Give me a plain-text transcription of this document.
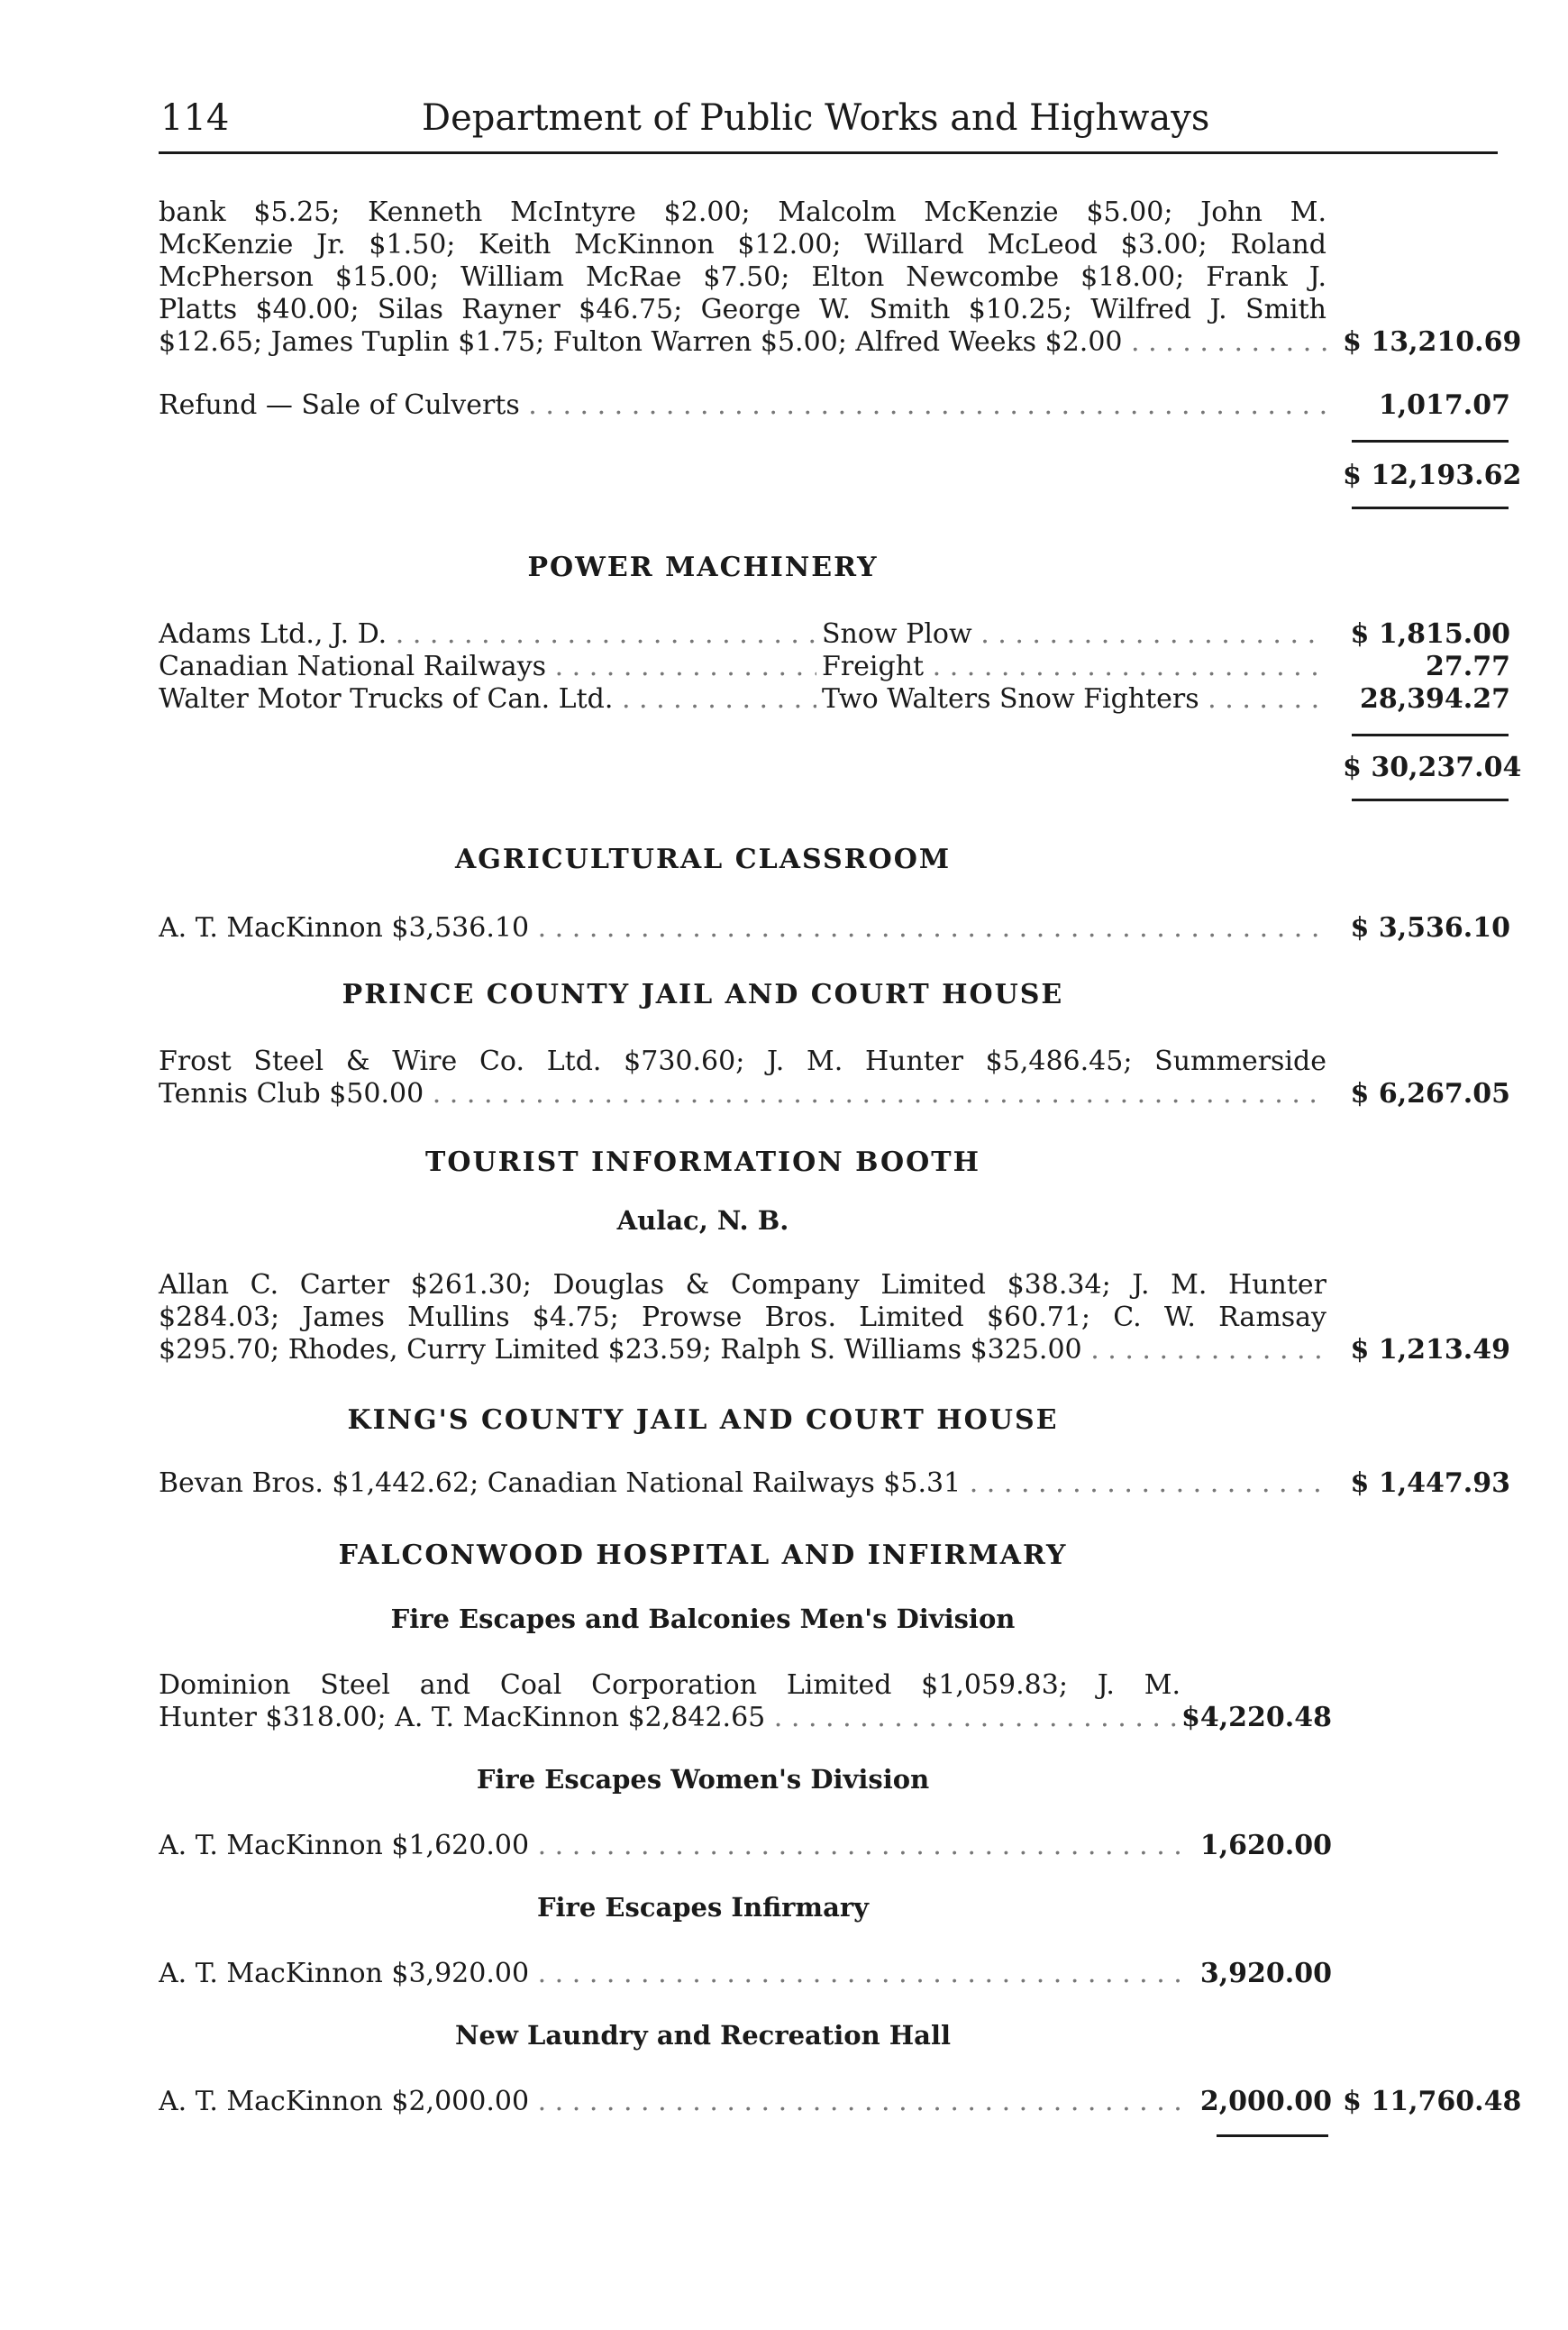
114	Department of Public Works and Highways
bank $5.25; Kenneth McIntyre $2.00; Malcolm McKenzie $5.00; John M.
McKenzie Jr. $1.50; Keith McKinnon $12.00; Willard McLeod $3.00; Roland
McPherson $15.00; William McRae $7.50; Elton Newcombe $18.00; Frank J.
Platts $40.00; Silas Rayner $46.75; George W. Smith $10.25; Wilfred J. Smith
$12.65; James Tuplin $1.75; Fulton Warren $5.00; Alfred Weeks $2.00 . . .	$ 13,210.69
Refund — Sale of Culverts . . .	1,017.07
$ 12,193.62
POWER MACHINERY
Adams Ltd., J. D. . . .	Snow Plow . . .	$ 1,815.00
Canadian National Railways . . .	Freight . . .	27.77
Walter Motor Trucks of Can. Ltd. . . .	Two Walters Snow Fighters . . .	28,394.27
$ 30,237.04
AGRICULTURAL CLASSROOM
A. T. MacKinnon $3,536.10 . . .	$ 3,536.10
PRINCE COUNTY JAIL AND COURT HOUSE
Frost Steel & Wire Co. Ltd. $730.60; J. M. Hunter $5,486.45; Summerside
Tennis Club $50.00 . . .	$ 6,267.05
TOURIST INFORMATION BOOTH
Aulac, N. B.
Allan C. Carter $261.30; Douglas & Company Limited $38.34; J. M. Hunter
$284.03; James Mullins $4.75; Prowse Bros. Limited $60.71; C. W. Ramsay
$295.70; Rhodes, Curry Limited $23.59; Ralph S. Williams $325.00 . . .	$ 1,213.49
KING'S COUNTY JAIL AND COURT HOUSE
Bevan Bros. $1,442.62; Canadian National Railways $5.31 . . .	$ 1,447.93
FALCONWOOD HOSPITAL AND INFIRMARY
Fire Escapes and Balconies Men's Division
Dominion Steel and Coal Corporation Limited $1,059.83; J. M.
Hunter $318.00; A. T. MacKinnon $2,842.65 . . .	$4,220.48
Fire Escapes Women's Division
A. T. MacKinnon $1,620.00 . . .	1,620.00
Fire Escapes Infirmary
A. T. MacKinnon $3,920.00 . . .	3,920.00
New Laundry and Recreation Hall
A. T. MacKinnon $2,000.00 . . .	2,000.00 $ 11,760.48
